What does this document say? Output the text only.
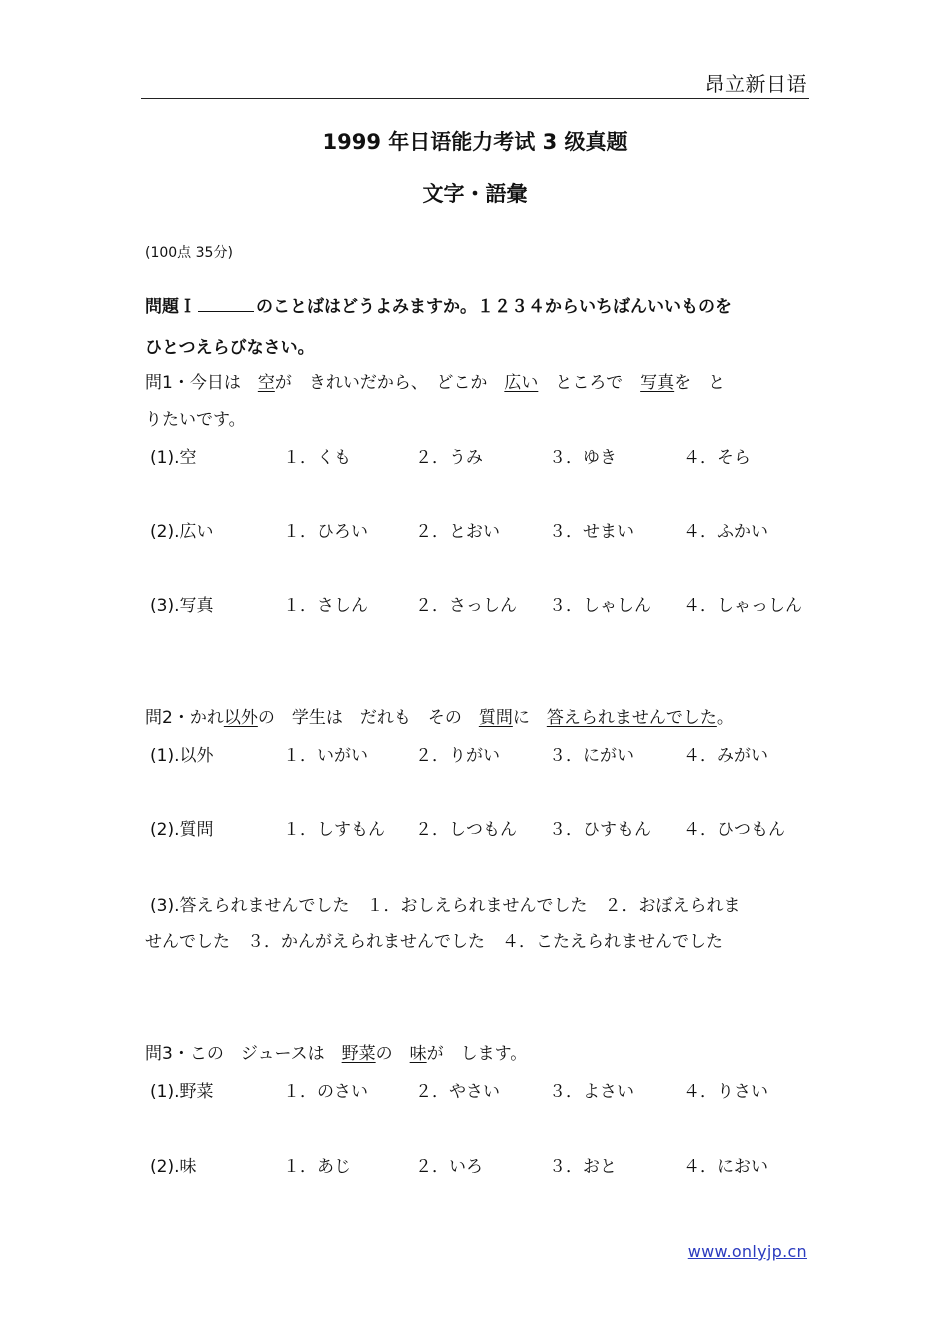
昂立新日语
1999 年日语能力考试 3 级真题
文字・語彙
(100点 35分)
問題Ｉ	のことばはどうよみますか。１２３４からいちばんいいものを
ひとつえらびなさい。
問1・今日は　空が　きれいだから、　どこか　広い　ところで　写真を　と
りたいです。
(1).空	１．くも	２．うみ	３．ゆき	４．そら
(2).広い	１．ひろい	２．とおい	３．せまい	４．ふかい
(3).写真	１．さしん	２．さっしん ３．しゃしん ４．しゃっしん
問2・かれ以外の　学生は　だれも　その　質問に　答えられませんでした。
(1).以外	１．いがい	２．りがい	３．にがい	４．みがい
(2).質問	１．しすもん ２．しつもん ３．ひすもん ４．ひつもん
(3).答えられませんでした　１．おしえられませんでした　２．おぼえられま
せんでした　３．かんがえられませんでした　４．こたえられませんでした
問3・この　ジュースは　野菜の　味が　します。
(1).野菜	１．のさい	２．やさい	３．よさい	４．りさい
(2).味	１．あじ	２．いろ	３．おと	４．におい
www.onlyjp.cn
